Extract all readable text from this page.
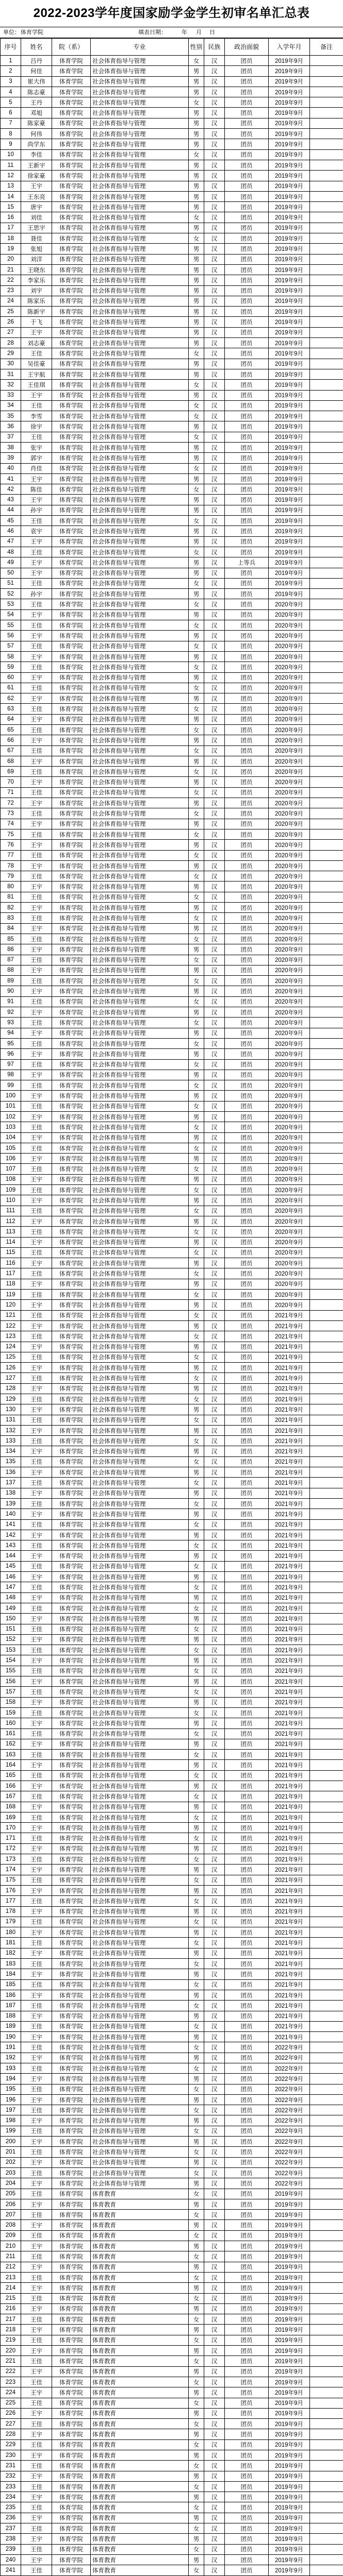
2022-2023学年度国家励学金学生初审名单汇总表
单位： 体育学院	填表日期：	年 月 日
序号	姓名	院（系）	专业	性别	民族	政治面貌	入学年月	备注
1	吕丹	体育学院	社会体育指导与管理	女	汉	团员	2019年9月	
2	何佳	体育学院	社会体育指导与管理	男	汉	团员	2019年9月	
3	崔大伟	体育学院	社会体育指导与管理	男	汉	团员	2019年9月	
4	陈志豪	体育学院	社会体育指导与管理	男	汉	团员	2019年9月	
5	王丹	体育学院	社会体育指导与管理	女	汉	团员	2019年9月	
6	邓旭	体育学院	社会体育指导与管理	男	汉	团员	2019年9月	
7	陈家豪	体育学院	社会体育指导与管理	男	汉	团员	2019年9月	
8	何伟	体育学院	社会体育指导与管理	男	汉	团员	2019年9月	
9	尚学东	体育学院	社会体育指导与管理	男	汉	团员	2019年9月	
10	李佳	体育学院	社会体育指导与管理	女	汉	团员	2019年9月	
11	王新宇	体育学院	社会体育指导与管理	男	汉	团员	2019年9月	
12	徐家豪	体育学院	社会体育指导与管理	男	汉	团员	2019年9月	
13	王宇	体育学院	社会体育指导与管理	男	汉	团员	2019年9月	
14	王东亮	体育学院	社会体育指导与管理	男	汉	团员	2019年9月	
15	唐宇	体育学院	社会体育指导与管理	男	汉	团员	2019年9月	
16	刘佳	体育学院	社会体育指导与管理	女	汉	团员	2019年9月	
17	王思宇	体育学院	社会体育指导与管理	男	汉	团员	2019年9月	
18	聂佳	体育学院	社会体育指导与管理	女	汉	团员	2019年9月	
19	张旭	体育学院	社会体育指导与管理	男	汉	团员	2019年9月	
20	刘洋	体育学院	社会体育指导与管理	男	汉	团员	2019年9月	
21	王晓东	体育学院	社会体育指导与管理	男	汉	团员	2019年9月	
22	李家乐	体育学院	社会体育指导与管理	男	汉	团员	2019年9月	
23	刘宇	体育学院	社会体育指导与管理	男	汉	团员	2019年9月	
24	陈家乐	体育学院	社会体育指导与管理	男	汉	团员	2019年9月	
25	陈新宇	体育学院	社会体育指导与管理	男	汉	团员	2019年9月	
26	于飞	体育学院	社会体育指导与管理	男	汉	团员	2019年9月	
27	王宇	体育学院	社会体育指导与管理	男	汉	团员	2019年9月	
28	刘志豪	体育学院	社会体育指导与管理	男	汉	团员	2019年9月	
29	王佳	体育学院	社会体育指导与管理	女	汉	团员	2019年9月	
30	吴佳豪	体育学院	社会体育指导与管理	男	汉	团员	2019年9月	
31	王宇航	体育学院	社会体育指导与管理	男	汉	团员	2019年9月	
32	王佳琪	体育学院	社会体育指导与管理	女	汉	团员	2019年9月	
33	王宇	体育学院	社会体育指导与管理	男	汉	团员	2019年9月	
34	王佳	体育学院	社会体育指导与管理	女	汉	团员	2019年9月	
35	李雪	体育学院	社会体育指导与管理	女	汉	团员	2019年9月	
36	徐宇	体育学院	社会体育指导与管理	男	汉	团员	2019年9月	
37	王佳	体育学院	社会体育指导与管理	女	汉	团员	2019年9月	
38	张宇	体育学院	社会体育指导与管理	男	汉	团员	2019年9月	
39	郭宇	体育学院	社会体育指导与管理	男	汉	团员	2019年9月	
40	肖佳	体育学院	社会体育指导与管理	女	汉	团员	2019年9月	
41	王宇	体育学院	社会体育指导与管理	男	汉	团员	2019年9月	
42	陈佳	体育学院	社会体育指导与管理	女	汉	团员	2019年9月	
43	王宇	体育学院	社会体育指导与管理	男	汉	团员	2019年9月	
44	孙宇	体育学院	社会体育指导与管理	男	汉	团员	2019年9月	
45	王佳	体育学院	社会体育指导与管理	女	汉	团员	2019年9月	
46	袁宇	体育学院	社会体育指导与管理	男	汉	团员	2019年9月	
47	王宇	体育学院	社会体育指导与管理	男	汉	团员	2019年9月	
48	王佳	体育学院	社会体育指导与管理	女	汉	团员	2019年9月	
49	王宇	体育学院	社会体育指导与管理	男	汉	上等兵	2019年9月	
50	王宇	体育学院	社会体育指导与管理	男	汉	团员	2019年9月	
51	王佳	体育学院	社会体育指导与管理	女	汉	团员	2019年9月	
52	孙宇	体育学院	社会体育指导与管理	男	汉	团员	2019年9月	
53	王佳	体育学院	社会体育指导与管理	女	汉	团员	2020年9月	
54	王宇	体育学院	社会体育指导与管理	男	汉	团员	2020年9月	
55	王佳	体育学院	社会体育指导与管理	女	汉	团员	2020年9月	
56	王宇	体育学院	社会体育指导与管理	男	汉	团员	2020年9月	
57	王佳	体育学院	社会体育指导与管理	女	汉	团员	2020年9月	
58	王宇	体育学院	社会体育指导与管理	男	汉	团员	2020年9月	
59	王佳	体育学院	社会体育指导与管理	女	汉	团员	2020年9月	
60	王宇	体育学院	社会体育指导与管理	男	汉	团员	2020年9月	
61	王佳	体育学院	社会体育指导与管理	女	汉	团员	2020年9月	
62	王宇	体育学院	社会体育指导与管理	男	汉	团员	2020年9月	
63	王佳	体育学院	社会体育指导与管理	女	汉	团员	2020年9月	
64	王宇	体育学院	社会体育指导与管理	男	汉	团员	2020年9月	
65	王佳	体育学院	社会体育指导与管理	女	汉	团员	2020年9月	
66	王宇	体育学院	社会体育指导与管理	男	汉	团员	2020年9月	
67	王佳	体育学院	社会体育指导与管理	女	汉	团员	2020年9月	
68	王宇	体育学院	社会体育指导与管理	男	汉	团员	2020年9月	
69	王佳	体育学院	社会体育指导与管理	女	汉	团员	2020年9月	
70	王宇	体育学院	社会体育指导与管理	男	汉	团员	2020年9月	
71	王佳	体育学院	社会体育指导与管理	女	汉	团员	2020年9月	
72	王宇	体育学院	社会体育指导与管理	男	汉	团员	2020年9月	
73	王佳	体育学院	社会体育指导与管理	女	汉	团员	2020年9月	
74	王宇	体育学院	社会体育指导与管理	男	汉	团员	2020年9月	
75	王佳	体育学院	社会体育指导与管理	女	汉	团员	2020年9月	
76	王宇	体育学院	社会体育指导与管理	男	汉	团员	2020年9月	
77	王佳	体育学院	社会体育指导与管理	女	汉	团员	2020年9月	
78	王宇	体育学院	社会体育指导与管理	男	汉	团员	2020年9月	
79	王佳	体育学院	社会体育指导与管理	女	汉	团员	2020年9月	
80	王宇	体育学院	社会体育指导与管理	男	汉	团员	2020年9月	
81	王佳	体育学院	社会体育指导与管理	女	汉	团员	2020年9月	
82	王宇	体育学院	社会体育指导与管理	男	汉	团员	2020年9月	
83	王佳	体育学院	社会体育指导与管理	女	汉	团员	2020年9月	
84	王宇	体育学院	社会体育指导与管理	男	汉	团员	2020年9月	
85	王佳	体育学院	社会体育指导与管理	女	汉	团员	2020年9月	
86	王宇	体育学院	社会体育指导与管理	男	汉	团员	2020年9月	
87	王佳	体育学院	社会体育指导与管理	女	汉	团员	2020年9月	
88	王宇	体育学院	社会体育指导与管理	男	汉	团员	2020年9月	
89	王佳	体育学院	社会体育指导与管理	女	汉	团员	2020年9月	
90	王宇	体育学院	社会体育指导与管理	男	汉	团员	2020年9月	
91	王佳	体育学院	社会体育指导与管理	女	汉	团员	2020年9月	
92	王宇	体育学院	社会体育指导与管理	男	汉	团员	2020年9月	
93	王佳	体育学院	社会体育指导与管理	女	汉	团员	2020年9月	
94	王宇	体育学院	社会体育指导与管理	男	汉	团员	2020年9月	
95	王佳	体育学院	社会体育指导与管理	女	汉	团员	2020年9月	
96	王宇	体育学院	社会体育指导与管理	男	汉	团员	2020年9月	
97	王佳	体育学院	社会体育指导与管理	女	汉	团员	2020年9月	
98	王宇	体育学院	社会体育指导与管理	男	汉	团员	2020年9月	
99	王佳	体育学院	社会体育指导与管理	女	汉	团员	2020年9月	
100	王宇	体育学院	社会体育指导与管理	男	汉	团员	2020年9月	
101	王佳	体育学院	社会体育指导与管理	女	汉	团员	2020年9月	
102	王宇	体育学院	社会体育指导与管理	男	汉	团员	2020年9月	
103	王佳	体育学院	社会体育指导与管理	女	汉	团员	2020年9月	
104	王宇	体育学院	社会体育指导与管理	男	汉	团员	2020年9月	
105	王佳	体育学院	社会体育指导与管理	女	汉	团员	2020年9月	
106	王宇	体育学院	社会体育指导与管理	男	汉	团员	2020年9月	
107	王佳	体育学院	社会体育指导与管理	女	汉	团员	2020年9月	
108	王宇	体育学院	社会体育指导与管理	男	汉	团员	2020年9月	
109	王佳	体育学院	社会体育指导与管理	女	汉	团员	2020年9月	
110	王宇	体育学院	社会体育指导与管理	男	汉	团员	2020年9月	
111	王佳	体育学院	社会体育指导与管理	女	汉	团员	2020年9月	
112	王宇	体育学院	社会体育指导与管理	男	汉	团员	2020年9月	
113	王佳	体育学院	社会体育指导与管理	女	汉	团员	2020年9月	
114	王宇	体育学院	社会体育指导与管理	男	汉	团员	2020年9月	
115	王佳	体育学院	社会体育指导与管理	女	汉	团员	2020年9月	
116	王宇	体育学院	社会体育指导与管理	男	汉	团员	2020年9月	
117	王佳	体育学院	社会体育指导与管理	女	汉	团员	2020年9月	
118	王宇	体育学院	社会体育指导与管理	男	汉	团员	2020年9月	
119	王佳	体育学院	社会体育指导与管理	女	汉	团员	2020年9月	
120	王宇	体育学院	社会体育指导与管理	男	汉	团员	2020年9月	
121	王佳	体育学院	社会体育指导与管理	女	汉	团员	2021年9月	
122	王宇	体育学院	社会体育指导与管理	男	汉	团员	2021年9月	
123	王佳	体育学院	社会体育指导与管理	女	汉	团员	2021年9月	
124	王宇	体育学院	社会体育指导与管理	男	汉	团员	2021年9月	
125	王佳	体育学院	社会体育指导与管理	女	汉	团员	2021年9月	
126	王宇	体育学院	社会体育指导与管理	男	汉	团员	2021年9月	
127	王佳	体育学院	社会体育指导与管理	女	汉	团员	2021年9月	
128	王宇	体育学院	社会体育指导与管理	男	汉	团员	2021年9月	
129	王佳	体育学院	社会体育指导与管理	女	汉	团员	2021年9月	
130	王宇	体育学院	社会体育指导与管理	男	汉	团员	2021年9月	
131	王佳	体育学院	社会体育指导与管理	女	汉	团员	2021年9月	
132	王宇	体育学院	社会体育指导与管理	男	汉	团员	2021年9月	
133	王佳	体育学院	社会体育指导与管理	女	汉	团员	2021年9月	
134	王宇	体育学院	社会体育指导与管理	男	汉	团员	2021年9月	
135	王佳	体育学院	社会体育指导与管理	女	汉	团员	2021年9月	
136	王宇	体育学院	社会体育指导与管理	男	汉	团员	2021年9月	
137	王佳	体育学院	社会体育指导与管理	女	汉	团员	2021年9月	
138	王宇	体育学院	社会体育指导与管理	男	汉	团员	2021年9月	
139	王佳	体育学院	社会体育指导与管理	女	汉	团员	2021年9月	
140	王宇	体育学院	社会体育指导与管理	男	汉	团员	2021年9月	
141	王佳	体育学院	社会体育指导与管理	女	汉	团员	2021年9月	
142	王宇	体育学院	社会体育指导与管理	男	汉	团员	2021年9月	
143	王佳	体育学院	社会体育指导与管理	女	汉	团员	2021年9月	
144	王宇	体育学院	社会体育指导与管理	男	汉	团员	2021年9月	
145	王佳	体育学院	社会体育指导与管理	女	汉	团员	2021年9月	
146	王宇	体育学院	社会体育指导与管理	男	汉	团员	2021年9月	
147	王佳	体育学院	社会体育指导与管理	女	汉	团员	2021年9月	
148	王宇	体育学院	社会体育指导与管理	男	汉	团员	2021年9月	
149	王佳	体育学院	社会体育指导与管理	女	汉	团员	2021年9月	
150	王宇	体育学院	社会体育指导与管理	男	汉	团员	2021年9月	
151	王佳	体育学院	社会体育指导与管理	女	汉	团员	2021年9月	
152	王宇	体育学院	社会体育指导与管理	男	汉	团员	2021年9月	
153	王佳	体育学院	社会体育指导与管理	女	汉	团员	2021年9月	
154	王宇	体育学院	社会体育指导与管理	男	汉	团员	2021年9月	
155	王佳	体育学院	社会体育指导与管理	女	汉	团员	2021年9月	
156	王宇	体育学院	社会体育指导与管理	男	汉	团员	2021年9月	
157	王佳	体育学院	社会体育指导与管理	女	汉	团员	2021年9月	
158	王宇	体育学院	社会体育指导与管理	男	汉	团员	2021年9月	
159	王佳	体育学院	社会体育指导与管理	女	汉	团员	2021年9月	
160	王宇	体育学院	社会体育指导与管理	男	汉	团员	2021年9月	
161	王佳	体育学院	社会体育指导与管理	女	汉	团员	2021年9月	
162	王宇	体育学院	社会体育指导与管理	男	汉	团员	2021年9月	
163	王佳	体育学院	社会体育指导与管理	女	汉	团员	2021年9月	
164	王宇	体育学院	社会体育指导与管理	男	汉	团员	2021年9月	
165	王佳	体育学院	社会体育指导与管理	女	汉	团员	2021年9月	
166	王宇	体育学院	社会体育指导与管理	男	汉	团员	2021年9月	
167	王佳	体育学院	社会体育指导与管理	女	汉	团员	2021年9月	
168	王宇	体育学院	社会体育指导与管理	男	汉	团员	2021年9月	
169	王佳	体育学院	社会体育指导与管理	女	汉	团员	2021年9月	
170	王宇	体育学院	社会体育指导与管理	男	汉	团员	2021年9月	
171	王佳	体育学院	社会体育指导与管理	女	汉	团员	2021年9月	
172	王宇	体育学院	社会体育指导与管理	男	汉	团员	2021年9月	
173	王佳	体育学院	社会体育指导与管理	女	汉	团员	2021年9月	
174	王宇	体育学院	社会体育指导与管理	男	汉	团员	2021年9月	
175	王佳	体育学院	社会体育指导与管理	女	汉	团员	2021年9月	
176	王宇	体育学院	社会体育指导与管理	男	汉	团员	2021年9月	
177	王佳	体育学院	社会体育指导与管理	女	汉	团员	2021年9月	
178	王宇	体育学院	社会体育指导与管理	男	汉	团员	2021年9月	
179	王佳	体育学院	社会体育指导与管理	女	汉	团员	2021年9月	
180	王宇	体育学院	社会体育指导与管理	男	汉	团员	2021年9月	
181	王佳	体育学院	社会体育指导与管理	女	汉	团员	2021年9月	
182	王宇	体育学院	社会体育指导与管理	男	汉	团员	2021年9月	
183	王佳	体育学院	社会体育指导与管理	女	汉	团员	2021年9月	
184	王宇	体育学院	社会体育指导与管理	男	汉	团员	2021年9月	
185	王佳	体育学院	社会体育指导与管理	女	汉	团员	2021年9月	
186	王宇	体育学院	社会体育指导与管理	男	汉	团员	2021年9月	
187	王佳	体育学院	社会体育指导与管理	女	汉	团员	2021年9月	
188	王宇	体育学院	社会体育指导与管理	男	汉	团员	2021年9月	
189	王佳	体育学院	社会体育指导与管理	女	汉	团员	2021年9月	
190	王宇	体育学院	社会体育指导与管理	男	汉	团员	2021年9月	
191	王佳	体育学院	社会体育指导与管理	女	汉	团员	2022年9月	
192	王宇	体育学院	社会体育指导与管理	男	汉	团员	2022年9月	
193	王佳	体育学院	社会体育指导与管理	女	汉	团员	2022年9月	
194	王宇	体育学院	社会体育指导与管理	男	汉	团员	2022年9月	
195	王佳	体育学院	社会体育指导与管理	女	汉	团员	2022年9月	
196	王宇	体育学院	社会体育指导与管理	男	汉	团员	2022年9月	
197	王佳	体育学院	社会体育指导与管理	女	汉	团员	2022年9月	
198	王宇	体育学院	社会体育指导与管理	男	汉	团员	2022年9月	
199	王佳	体育学院	社会体育指导与管理	女	汉	团员	2022年9月	
200	王宇	体育学院	社会体育指导与管理	男	汉	团员	2022年9月	
201	王佳	体育学院	社会体育指导与管理	女	汉	团员	2022年9月	
202	王宇	体育学院	社会体育指导与管理	男	汉	团员	2022年9月	
203	王佳	体育学院	社会体育指导与管理	女	汉	团员	2022年9月	
204	王宇	体育学院	社会体育指导与管理	男	汉	团员	2022年9月	
205	王佳	体育学院	体育教育	女	汉	团员	2019年9月	
206	王宇	体育学院	体育教育	男	汉	团员	2019年9月	
207	王佳	体育学院	体育教育	女	汉	团员	2019年9月	
208	王宇	体育学院	体育教育	男	汉	团员	2019年9月	
209	王佳	体育学院	体育教育	女	汉	团员	2019年9月	
210	王宇	体育学院	体育教育	男	汉	团员	2019年9月	
211	王佳	体育学院	体育教育	女	汉	团员	2019年9月	
212	王宇	体育学院	体育教育	男	汉	团员	2019年9月	
213	王佳	体育学院	体育教育	女	汉	团员	2019年9月	
214	王宇	体育学院	体育教育	男	汉	团员	2019年9月	
215	王佳	体育学院	体育教育	女	汉	团员	2019年9月	
216	王宇	体育学院	体育教育	男	汉	团员	2019年9月	
217	王佳	体育学院	体育教育	女	汉	团员	2019年9月	
218	王宇	体育学院	体育教育	男	汉	团员	2019年9月	
219	王佳	体育学院	体育教育	女	汉	团员	2019年9月	
220	王宇	体育学院	体育教育	男	汉	团员	2019年9月	
221	王佳	体育学院	体育教育	女	汉	团员	2019年9月	
222	王宇	体育学院	体育教育	男	汉	团员	2019年9月	
223	王佳	体育学院	体育教育	女	汉	团员	2019年9月	
224	王宇	体育学院	体育教育	男	汉	团员	2019年9月	
225	王佳	体育学院	体育教育	女	汉	团员	2019年9月	
226	王宇	体育学院	体育教育	男	汉	团员	2019年9月	
227	王佳	体育学院	体育教育	女	汉	团员	2019年9月	
228	王宇	体育学院	体育教育	男	汉	团员	2019年9月	
229	王佳	体育学院	体育教育	女	汉	团员	2019年9月	
230	王宇	体育学院	体育教育	男	汉	团员	2019年9月	
231	王佳	体育学院	体育教育	女	汉	团员	2019年9月	
232	王宇	体育学院	体育教育	男	汉	团员	2019年9月	
233	王佳	体育学院	体育教育	女	汉	团员	2019年9月	
234	王宇	体育学院	体育教育	男	汉	团员	2019年9月	
235	王佳	体育学院	体育教育	女	汉	团员	2019年9月	
236	王宇	体育学院	体育教育	男	汉	团员	2019年9月	
237	王佳	体育学院	体育教育	女	汉	团员	2019年9月	
238	王宇	体育学院	体育教育	男	汉	团员	2019年9月	
239	王佳	体育学院	体育教育	女	汉	团员	2019年9月	
240	王宇	体育学院	体育教育	男	汉	团员	2019年9月	
241	王佳	体育学院	体育教育	女	汉	团员	2019年9月	
